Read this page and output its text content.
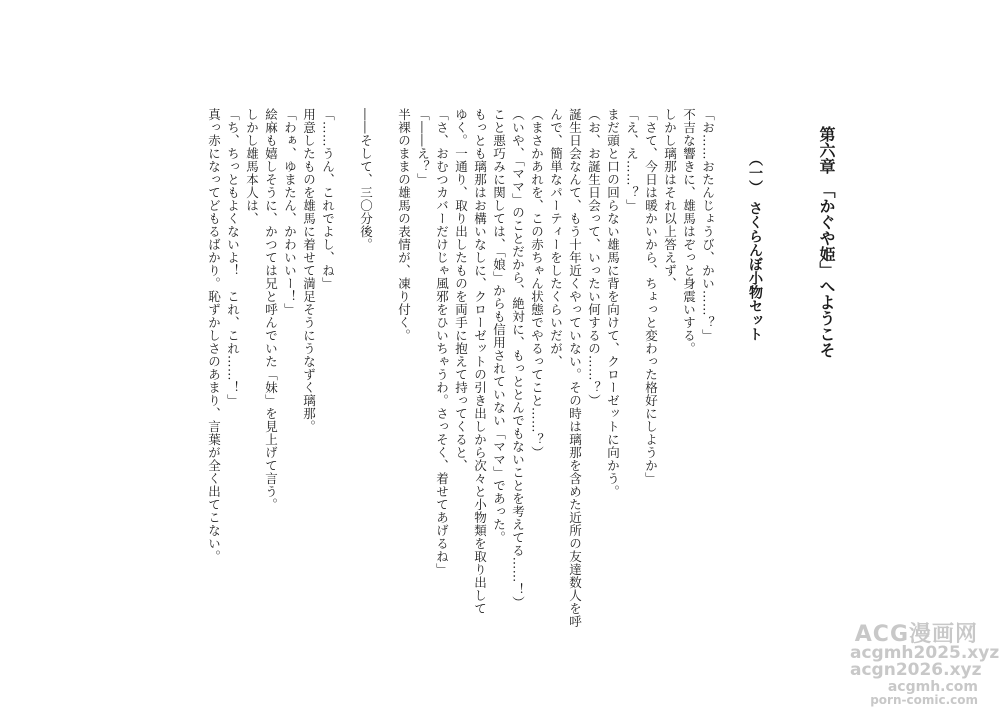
第六章　「かぐや姫」へようこそ
（一）　さくらんぼ小物セット
「お……おたんじょうび、かい……？」
不吉な響きに、雄馬はぞっと身震いする。
しかし璃那はそれ以上答えず、
「さて、今日は暖かいから、ちょっと変わった格好にしようか」
「え、え……？」
まだ頭と口の回らない雄馬に背を向けて、クローゼットに向かう。
（お、お誕生日会って、いったい何するの……？）
誕生日会なんて、もう十年近くやっていない。その時は璃那を含めた近所の友達数人を呼
んで、簡単なパーティーをしたくらいだが、
（まさかあれを、この赤ちゃん状態でやるってこと……？）
（いや、「ママ」のことだから、絶対に、もっととんでもないことを考えてる……！）
こと悪巧みに関しては、「娘」からも信用されていない「ママ」であった。
もっとも璃那はお構いなしに、クローゼットの引き出しから次々と小物類を取り出して
ゆく。一通り、取り出したものを両手に抱えて持ってくると、
「さ、おむつカバーだけじゃ風邪をひいちゃうわ。さっそく、着せてあげるね」
「――え？」
半裸のままの雄馬の表情が、凍り付く。
――そして、三〇分後。
「……うん、これでよし、ね」
用意したものを雄馬に着せて満足そうにうなずく璃那。
「わぁ、ゆまたん、かわいいー！」
絵麻も嬉しそうに、かつては兄と呼んでいた「妹」を見上げて言う。
しかし雄馬本人は、
「ち、ちっともよくないよ！　これ、これ……！」
真っ赤になってどもるばかり。恥ずかしさのあまり、言葉が全く出てこない。
ACG漫画网
acgmh2025.xyz
acgn2026.xyz
acgmh.com
porn-comic.com
